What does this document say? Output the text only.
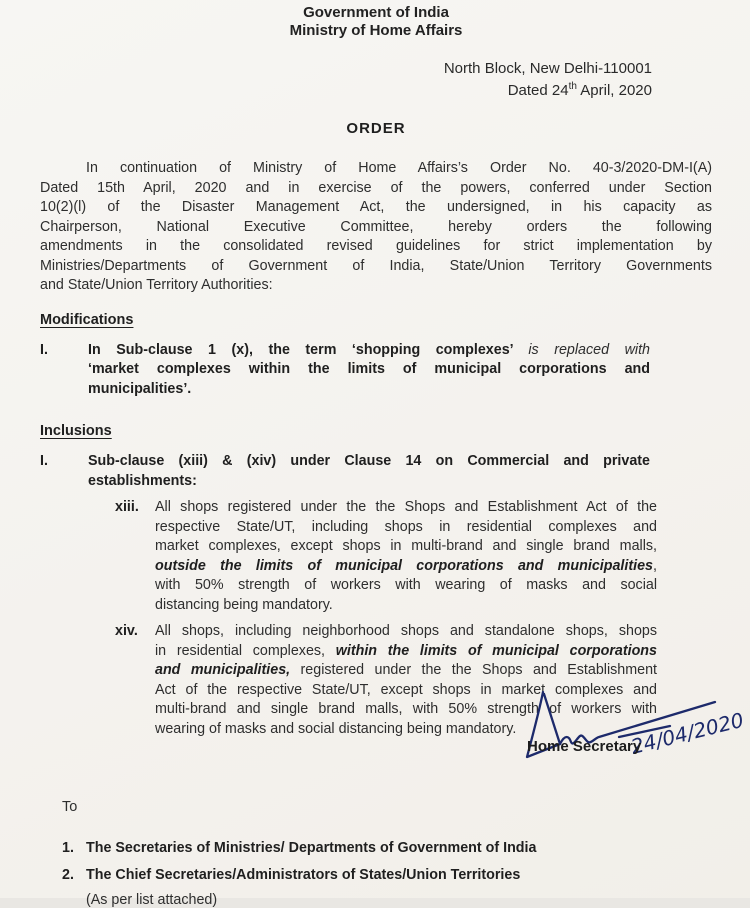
Government of India
Ministry of Home Affairs
North Block, New Delhi-110001
Dated 24th April, 2020
ORDER
In continuation of Ministry of Home Affairs’s Order No. 40-3/2020-DM-I(A)
Dated 15th April, 2020 and in exercise of the powers, conferred under Section
10(2)(l) of the Disaster Management Act, the undersigned, in his capacity as
Chairperson, National Executive Committee, hereby orders the following
amendments in the consolidated revised guidelines for strict implementation by
Ministries/Departments of Government of India, State/Union Territory Governments
and State/Union Territory Authorities:
Modifications
I.	In Sub-clause 1 (x), the term ‘shopping complexes’ is replaced with
‘market complexes within the limits of municipal corporations and
municipalities’.
Inclusions
I.	Sub-clause (xiii) & (xiv) under Clause 14 on Commercial and private
establishments:
xiii.	All shops registered under the the Shops and Establishment Act of the
respective State/UT, including shops in residential complexes and
market complexes, except shops in multi-brand and single brand malls,
outside the limits of municipal corporations and municipalities,
with 50% strength of workers with wearing of masks and social
distancing being mandatory.
xiv.	All shops, including neighborhood shops and standalone shops, shops
in residential complexes, within the limits of municipal corporations
and municipalities, registered under the the Shops and Establishment
Act of the respective State/UT, except shops in market complexes and
multi-brand and single brand malls, with 50% strength of workers with
wearing of masks and social distancing being mandatory.	24/04/2020
Home Secretary
To
1. The Secretaries of Ministries/ Departments of Government of India
2. The Chief Secretaries/Administrators of States/Union Territories
(As per list attached)
